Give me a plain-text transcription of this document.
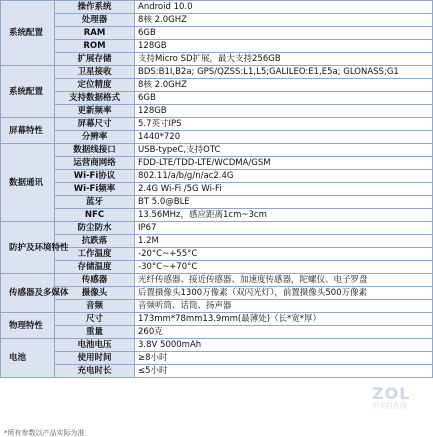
系统配置	操作系统	Android 10.0
	处理器	8核 2.0GHZ
	RAM	6GB
	ROM	128GB
	扩展存储	支持Micro SD扩展，最大支持256GB
系统配置	卫星接收	BDS:B1I,B2a; GPS/QZSS:L1,L5;GALILEO:E1,E5a; GLONASS;G1
	定位精度	8核 2.0GHZ
	支持数据格式	6GB
	更新频率	128GB
屏幕特性	屏幕尺寸	5.7英寸IPS
	分辨率	1440*720
数据通讯	数据线接口	USB-typeC,支持OTC
	运营商网络	FDD-LTE/TDD-LTE/WCDMA/GSM
	Wi-Fi协议	802.11/a/b/g/n/ac2.4G
	Wi-Fi频率	2.4G Wi-Fi /5G Wi-Fi
	蓝牙	BT 5.0@BLE
	NFC	13.56MHz，感应距离1cm~3cm
防护及环境特性	防尘防水	IP67
	抗跌落	1.2M
	工作温度	-20°C~+55°C
	存储温度	-30°C~+70°C
传感器及多媒体	传感器	光纤传感器、接近传感器、加速度传感器，陀螺仪、电子罗盘
	摄像头	后置摄像头1300万像素（双闪光灯），前置摄像头500万像素
	音频	音频听筒、话筒、扬声器
物理特性	尺寸	173mm*78mm13.9mm(最薄处)（长*宽*厚）
	重量	260克
电池	电池电压	3.8V 5000mAh
	使用时间	≥8小时
	充电时长	≤5小时
*所有参数以产品实际为准
ZOL
中关村在线
